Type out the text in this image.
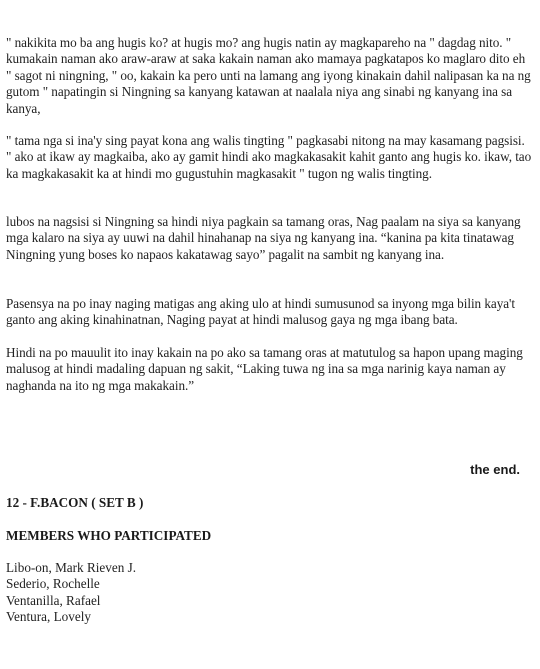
" nakikita mo ba ang hugis ko? at hugis mo? ang hugis natin ay magkapareho na " dagdag nito. " kumakain naman ako araw-araw at saka kakain naman ako mamaya pagkatapos ko maglaro dito eh " sagot ni ningning, " oo, kakain ka pero unti na lamang ang iyong kinakain dahil nalipasan ka na ng gutom " napatingin si Ningning sa kanyang katawan at naalala niya ang sinabi ng kanyang ina sa kanya,

" tama nga si ina'y sing payat kona ang walis tingting " pagkasabi nitong na may kasamang pagsisi. " ako at ikaw ay magkaiba, ako ay gamit hindi ako magkakasakit kahit ganto ang hugis ko. ikaw, tao ka magkakasakit ka at hindi mo gugustuhin magkasakit " tugon ng walis tingting.

lubos na nagsisi si Ningning sa hindi niya pagkain sa tamang oras, Nag paalam na siya sa kanyang mga kalaro na siya ay uuwi na dahil hinahanap na siya ng kanyang ina. “kanina pa kita tinatawag Ningning yung boses ko napaos kakatawag sayo” pagalit na sambit ng kanyang ina.

Pasensya na po inay naging matigas ang aking ulo at hindi sumusunod sa inyong mga bilin kaya't ganto ang aking kinahinatnan, Naging payat at hindi malusog gaya ng mga ibang bata.

Hindi na po mauulit ito inay kakain na po ako sa tamang oras at matutulog sa hapon upang maging malusog at hindi madaling dapuan ng sakit, “Laking tuwa ng ina sa mga narinig kaya naman ay naghanda na ito ng mga makakain.”

the end.

12 - F.BACON ( SET B )

MEMBERS WHO PARTICIPATED

Libo-on, Mark Rieven J.
Sederio, Rochelle
Ventanilla, Rafael
Ventura, Lovely
